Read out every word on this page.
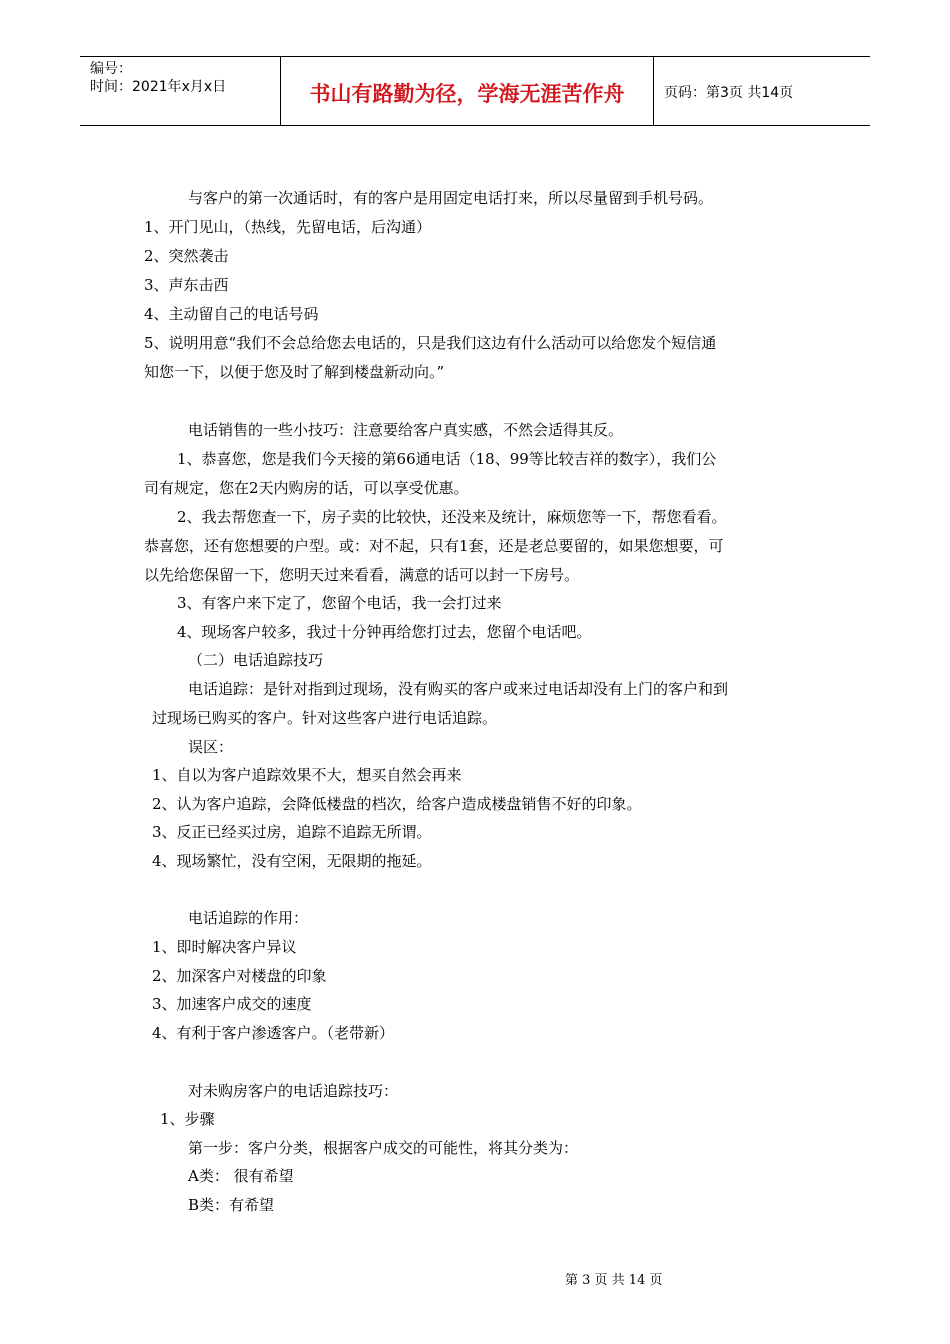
编号：
时间：2021年x月x日	书山有路勤为径，学海无涯苦作舟	页码：第3页 共14页
与客户的第一次通话时，有的客户是用固定电话打来，所以尽量留到手机号码。
1、开门见山，（热线，先留电话，后沟通）
2、突然袭击
3、声东击西
4、主动留自己的电话号码
5、说明用意“我们不会总给您去电话的，只是我们这边有什么活动可以给您发个短信通
知您一下，以便于您及时了解到楼盘新动向。”
电话销售的一些小技巧：注意要给客户真实感，不然会适得其反。
1、恭喜您，您是我们今天接的第66通电话（18、99等比较吉祥的数字），我们公
司有规定，您在2天内购房的话，可以享受优惠。
2、我去帮您查一下，房子卖的比较快，还没来及统计，麻烦您等一下，帮您看看。
恭喜您，还有您想要的户型。或：对不起，只有1套，还是老总要留的，如果您想要，可
以先给您保留一下，您明天过来看看，满意的话可以封一下房号。
3、有客户来下定了，您留个电话，我一会打过来
4、现场客户较多，我过十分钟再给您打过去，您留个电话吧。
（二）电话追踪技巧
电话追踪：是针对指到过现场，没有购买的客户或来过电话却没有上门的客户和到
过现场已购买的客户。针对这些客户进行电话追踪。
误区：
1、自以为客户追踪效果不大，想买自然会再来
2、认为客户追踪，会降低楼盘的档次，给客户造成楼盘销售不好的印象。
3、反正已经买过房，追踪不追踪无所谓。
4、现场繁忙，没有空闲，无限期的拖延。
电话追踪的作用：
1、即时解决客户异议
2、加深客户对楼盘的印象
3、加速客户成交的速度
4、有利于客户渗透客户。（老带新）
对未购房客户的电话追踪技巧：
1、步骤
第一步：客户分类，根据客户成交的可能性，将其分类为：
A类： 很有希望
B类：有希望
第 3 页 共 14 页
